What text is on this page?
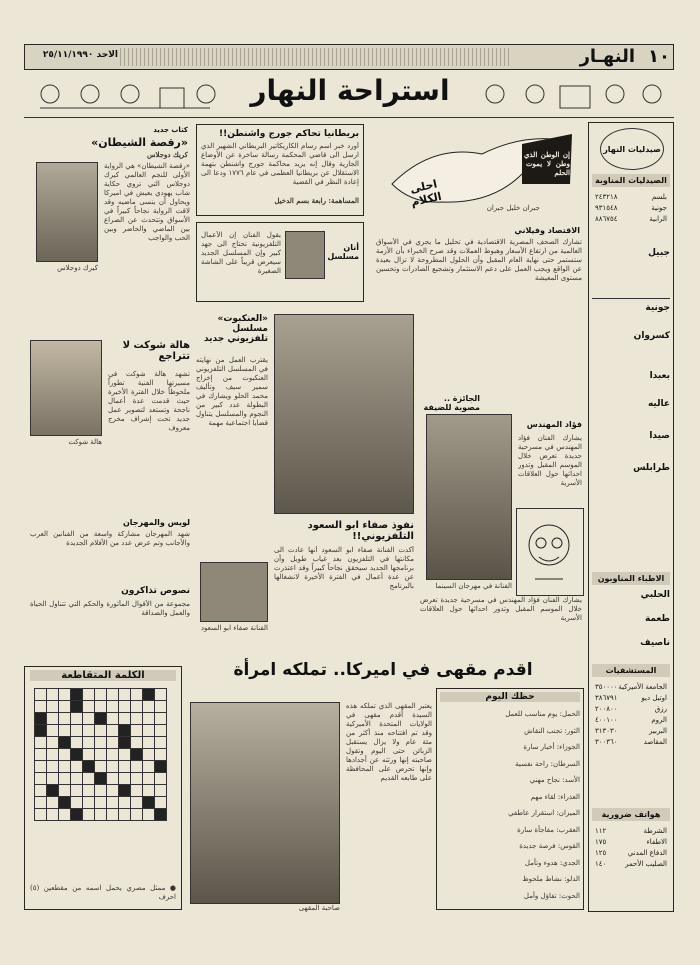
١٠
النهـار
الاحد ٢٥/١١/١٩٩٠
استراحة النهار
صيدليات النهار
الصيدليات المناوبة
بلسم
٢٤٣٢١٨
جونية
٩٣١٥٤٨
الرابية
٨٨٦٧٥٤
جبيل
جونية
كسروان
بعبدا
عاليه
صيدا
طرابلس
الاطباء المناوبون
الحلبي
طعمة
ناصيف
المستشفيات
الجامعة الأميركية
٣٥٠٠٠٠
اوتيل ديو
٣٨٦٧٩١
رزق
٢٠٠٨٠٠
الروم
٤٠٠١٠٠
البربير
٣١٣٠٣٠
المقاصد
٣٠٠٣٦٠
هواتف ضرورية
الشرطة
١١٢
الاطفاء
١٧٥
الدفاع المدني
١٢٥
الصليب الأحمر
١٤٠
بريطانيا تحاكم جورج واشنطن!!
أورد خبر اسم رسام الكاريكاتير البريطاني الشهير الذي ارسل الى قاضي المحكمة رسالة ساخرة عن الأوضاع الجارية وقال إنه يريد محاكمة جورج واشنطن بتهمة الاستقلال عن بريطانيا العظمى في عام ١٧٧٦ ودعا الى إعادة النظر في القضية
المساهمة: رابعة بسم الدخيل
احلى الكلام
إن الوطن الذي يعترف بالحب هو وطن لا يموت أبداً ... أبعد من الحلم
جبران خليل جبران
الاقتصاد وفيلاني
تشارك الصحف المصرية الاقتصادية في تحليل ما يجري في الأسواق العالمية من ارتفاع الأسعار وهبوط العملات وقد صرح الخبراء بأن الأزمة ستستمر حتى نهاية العام المقبل وأن الحلول المطروحة لا تزال بعيدة عن الواقع ويجب العمل على دعم الاستثمار وتشجيع الصادرات وتحسين مستوى المعيشة
كتاب جديد
«رقصة الشيطان»
كريك دوجلاس
كيرك دوجلاس
«رقصة الشيطان» هي الرواية الأولى للنجم العالمي كيرك دوجلاس التي تروي حكاية شاب يهودي يعيش في اميركا ويحاول أن ينسى ماضيه وقد لاقت الرواية نجاحاً كبيراً في الأسواق وتتحدث عن الصراع بين الماضي والحاضر وبين الحب والواجب
أنان مسلسل
يقول الفنان إن الأعمال التلفزيونية تحتاج الى جهد كبير وإن المسلسل الجديد سيعرض قريباً على الشاشة الصغيرة
«العنكبوت» مسلسل تلفزيوني جديد
يقترب العمل من نهايته في المسلسل التلفزيوني العنكبوت من إخراج سمير سيف وتأليف محمد الحلو ويشارك في البطولة عدد كبير من النجوم والمسلسل يتناول قضايا اجتماعية مهمة
هالة شوكت لا تتراجع
هالة شوكت
تشهد هالة شوكت في مسيرتها الفنية تطوراً ملحوظاً خلال الفترة الأخيرة حيث قدمت عدة أعمال ناجحة وتستعد لتصوير عمل جديد تحت إشراف مخرج معروف
لويس والمهرجان
شهد المهرجان مشاركة واسعة من الفنانين العرب والأجانب وتم عرض عدد من الأفلام الجديدة
نصوص تذاكرون
مجموعة من الأقوال المأثورة والحكم التي تتناول الحياة والعمل والصداقة
نفوذ صفاء ابو السعود التلفزيوني!!
أكدت الفنانة صفاء ابو السعود أنها عادت الى مكانتها في التلفزيون بعد غياب طويل وأن برنامجها الجديد سيحقق نجاحاً كبيراً وقد اعتذرت عن عدة أعمال في الفترة الأخيرة لانشغالها بالبرنامج
الفنانة صفاء ابو السعود
الجائزة .. مصوبة للضيفة
الفنانة في مهرجان السينما
فؤاد المهندس
يشارك الفنان فؤاد المهندس في مسرحية جديدة تعرض خلال الموسم المقبل وتدور احداثها حول العلاقات الأسرية
يشارك الفنان فؤاد المهندس في مسرحية جديدة تعرض خلال الموسم المقبل وتدور احداثها حول العلاقات الأسرية
اقدم مقهى في اميركا.. تملكه امرأة
صاحبة المقهى
يعتبر المقهى الذي تملكه هذه السيدة أقدم مقهى في الولايات المتحدة الأميركية وقد تم افتتاحه منذ أكثر من مئة عام ولا يزال يستقبل الزبائن حتى اليوم وتقول صاحبته إنها ورثته عن أجدادها وإنها تحرص على المحافظة على طابعه القديم
حظك اليوم
الحمل: يوم مناسب للعمل
الثور: تجنب النقاش
الجوزاء: أخبار سارة
السرطان: راحة نفسية
الأسد: نجاح مهني
العذراء: لقاء مهم
الميزان: استقرار عاطفي
العقرب: مفاجأة سارة
القوس: فرصة جديدة
الجدي: هدوء وتأمل
الدلو: نشاط ملحوظ
الحوت: تفاؤل وأمل
الكلمة المتقاطعة

● ممثل مصري يحمل اسمه من مقطعين (٥) احرف
